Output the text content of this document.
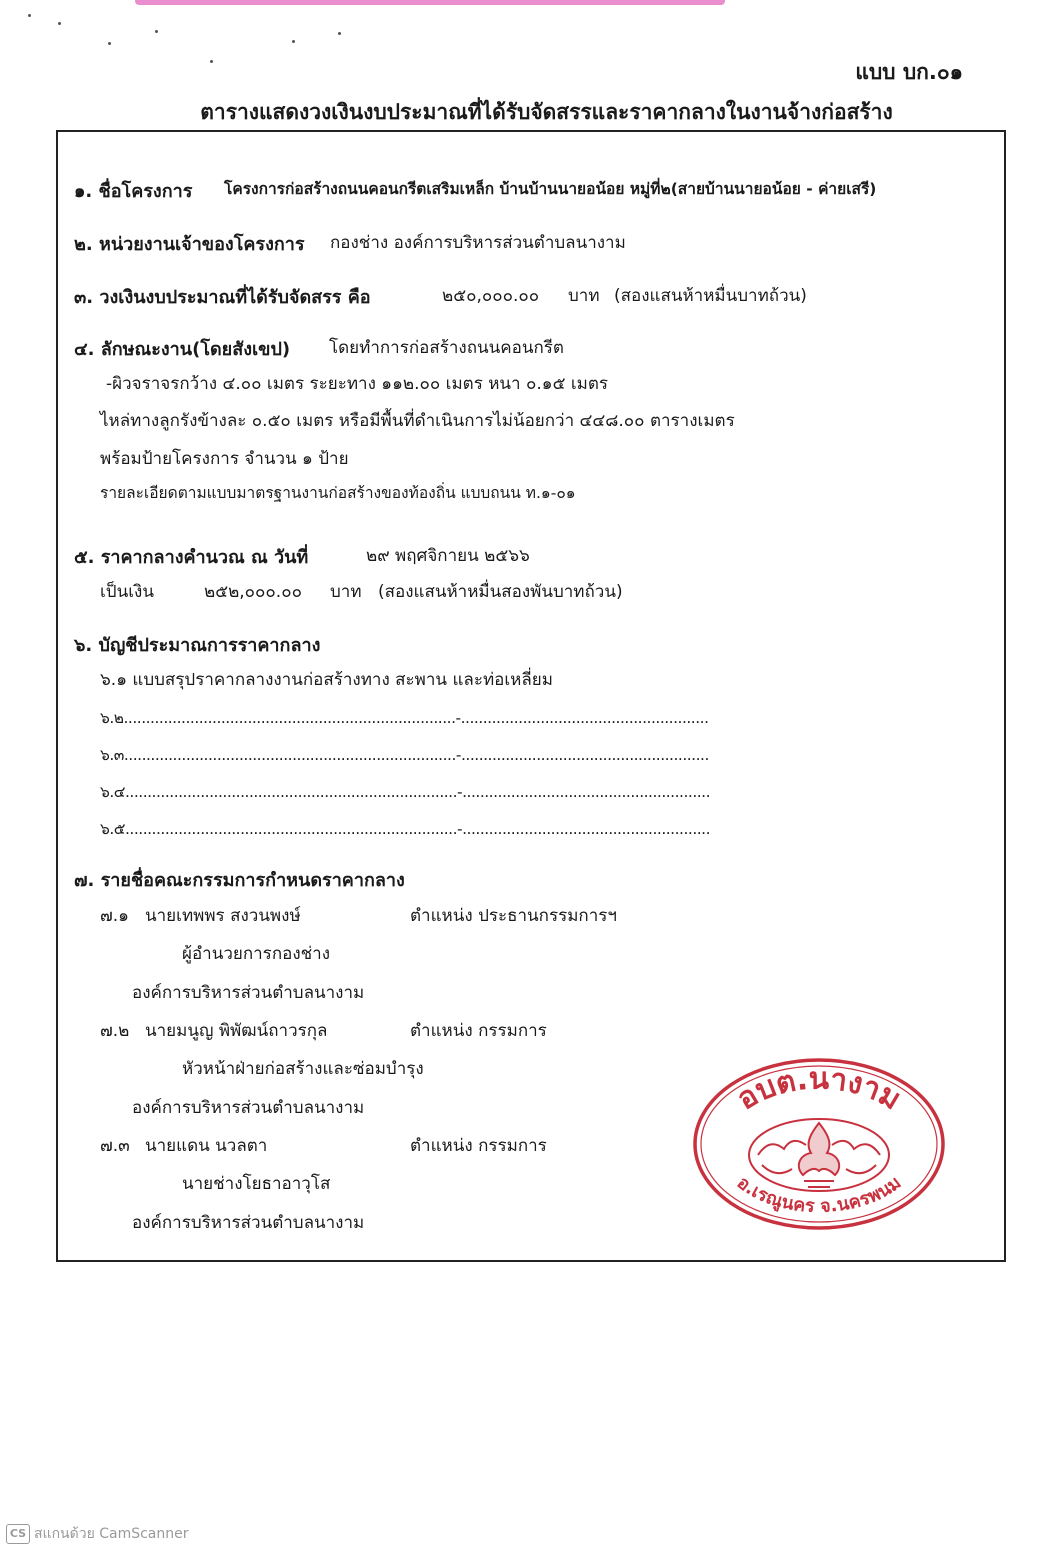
แบบ บก.๐๑
ตารางแสดงวงเงินงบประมาณที่ได้รับจัดสรรและราคากลางในงานจ้างก่อสร้าง
๑. ชื่อโครงการ โครงการก่อสร้างถนนคอนกรีตเสริมเหล็ก บ้านบ้านนายอน้อย หมู่ที่๒(สายบ้านนายอน้อย - ค่ายเสรี)
๒. หน่วยงานเจ้าของโครงการ กองช่าง องค์การบริหารส่วนตำบลนางาม
๓. วงเงินงบประมาณที่ได้รับจัดสรร คือ	๒๕๐,๐๐๐.๐๐ บาท (สองแสนห้าหมื่นบาทถ้วน)
๔. ลักษณะงาน(โดยสังเขป) โดยทำการก่อสร้างถนนคอนกรีต
-ผิวจราจรกว้าง ๔.๐๐ เมตร ระยะทาง ๑๑๒.๐๐ เมตร หนา ๐.๑๕ เมตร
ไหล่ทางลูกรังข้างละ ๐.๕๐ เมตร หรือมีพื้นที่ดำเนินการไม่น้อยกว่า ๔๔๘.๐๐ ตารางเมตร
พร้อมป้ายโครงการ จำนวน ๑ ป้าย
รายละเอียดตามแบบมาตรฐานงานก่อสร้างของท้องถิ่น แบบถนน ท.๑-๐๑
๕. ราคากลางคำนวณ ณ วันที่	๒๙ พฤศจิกายน ๒๕๖๖
เป็นเงิน	๒๕๒,๐๐๐.๐๐ บาท (สองแสนห้าหมื่นสองพันบาทถ้วน)
๖. บัญชีประมาณการราคากลาง
๖.๑ แบบสรุปราคากลางงานก่อสร้างทาง สะพาน และท่อเหลี่ยม
๖.๒...........................................................................-........................................................
๖.๓...........................................................................-........................................................
๖.๔...........................................................................-........................................................
๖.๕...........................................................................-........................................................
๗. รายชื่อคณะกรรมการกำหนดราคากลาง
๗.๑ นายเทพพร สงวนพงษ์	ตำแหน่ง ประธานกรรมการฯ
ผู้อำนวยการกองช่าง
องค์การบริหารส่วนตำบลนางาม
๗.๒ นายมนูญ พิพัฒน์ถาวรกุล	ตำแหน่ง กรรมการ
หัวหน้าฝ่ายก่อสร้างและซ่อมบำรุง
องค์การบริหารส่วนตำบลนางาม
๗.๓ นายแดน นวลตา	ตำแหน่ง กรรมการ
นายช่างโยธาอาวุโส
องค์การบริหารส่วนตำบลนางาม
อบต.นางาม
อ.เรณูนคร จ.นครพนม
CS สแกนด้วย CamScanner
